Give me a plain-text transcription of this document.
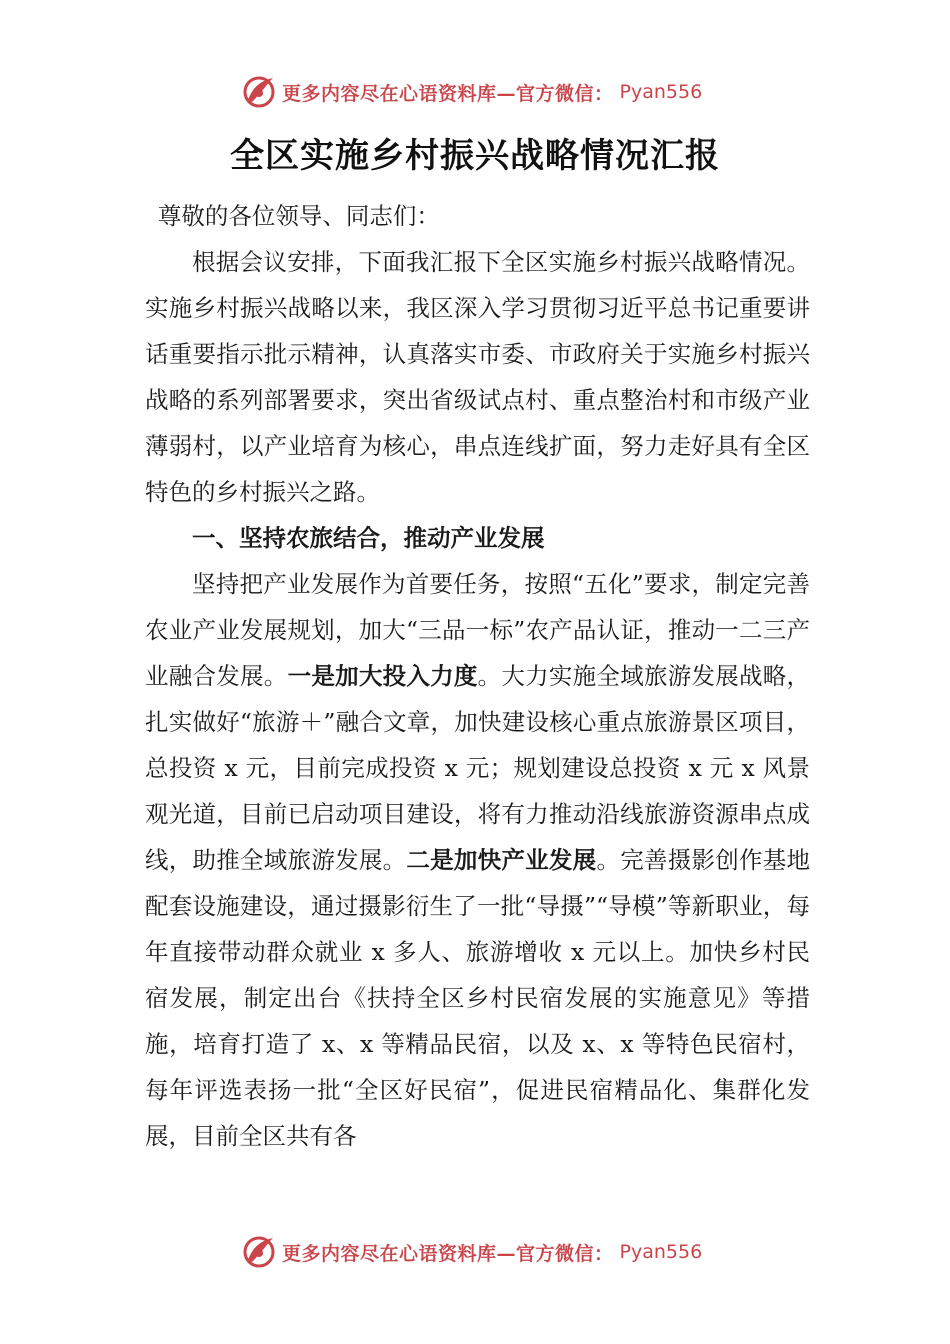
更多内容尽在心语资料库—官方微信： Pyan556
全区实施乡村振兴战略情况汇报

尊敬的各位领导、同志们：

根据会议安排，下面我汇报下全区实施乡村振兴战略情况。实施乡村振兴战略以来，我区深入学习贯彻习近平总书记重要讲话重要指示批示精神，认真落实市委、市政府关于实施乡村振兴战略的系列部署要求，突出省级试点村、重点整治村和市级产业薄弱村，以产业培育为核心，串点连线扩面，努力走好具有全区特色的乡村振兴之路。

一、坚持农旅结合，推动产业发展

坚持把产业发展作为首要任务，按照“五化”要求，制定完善农业产业发展规划，加大“三品一标”农产品认证，推动一二三产业融合发展。一是加大投入力度。大力实施全域旅游发展战略，扎实做好“旅游＋”融合文章，加快建设核心重点旅游景区项目，总投资 x 元，目前完成投资 x 元；规划建设总投资 x 元 x 风景观光道，目前已启动项目建设，将有力推动沿线旅游资源串点成线，助推全域旅游发展。二是加快产业发展。完善摄影创作基地配套设施建设，通过摄影衍生了一批“导摄”“导模”等新职业，每年直接带动群众就业 x 多人、旅游增收 x 元以上。加快乡村民宿发展，制定出台《扶持全区乡村民宿发展的实施意见》等措施，培育打造了 x、x 等精品民宿，以及 x、x 等特色民宿村，每年评选表扬一批“全区好民宿”，促进民宿精品化、集群化发展，目前全区共有各

更多内容尽在心语资料库—官方微信： Pyan556
